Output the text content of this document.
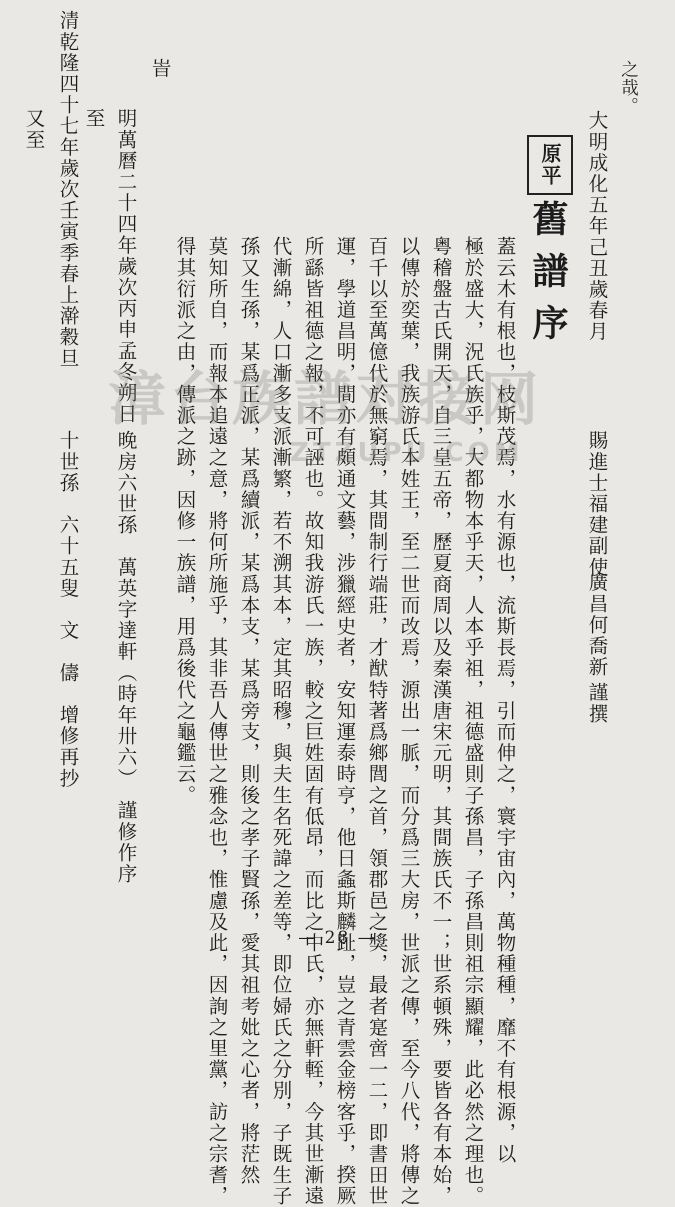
之哉。
大明成化五年己丑歲春月
原平
舊譜序
賜進士福建副使
廣昌何喬新
謹撰
蓋云木有根也，枝斯茂焉，水有源也，流斯長焉，引而伸之，寰宇宙內，萬物種種，靡不有根源，以
極於盛大，況氏族乎，大都物本乎天，人本乎祖，祖德盛則子孫昌，子孫昌則祖宗顯耀，此必然之理也。
粤稽盤古氏開天，自三皇五帝，歷夏商周以及秦漢唐宋元明，其間族氏不一；世系頓殊，要皆各有本始，
以傳於奕葉，我族游氏本姓王，至二世而改焉，源出一脈，而分爲三大房，世派之傳，至今八代，將傳之
百千以至萬億代於無窮焉，其間制行端莊，才猷特著爲鄉閭之首，領郡邑之獎，最者寔啻一二，即書田世
運，學道昌明，間亦有頗通文藝，涉獵經史者，安知運泰時亨，他日螽斯麟趾，豈之青雲金榜客乎，揆厥
所繇皆祖德之報，不可誣也。故知我游氏一族，較之巨姓固有低昂，而比之中氏，亦無軒輊，今其世漸遠
代漸綿，人口漸多支派漸繁，若不溯其本，定其昭穆，與夫生名死諱之差等，即位婦氏之分別，子既生子
孫又生孫，某爲正派，某爲續派，某爲本支，某爲旁支，則後之孝子賢孫，愛其祖考妣之心者，將茫然
莫知所自，而報本追遠之意，將何所施乎，其非吾人傳世之雅念也，惟慮及此，因詢之里黨，訪之宗耆，
得其衍派之由，傳派之跡，因修一族譜，用爲後代之龜鑑云。
峕
明萬曆二十四年歲次丙申孟冬朔日
晚房六世孫　萬英字達軒（時年卅六）　謹修作序
至
清乾隆四十七年歲次壬寅季春上澣穀旦
十世孫　六十五叟　文　儔　增修再抄
又至
漳台族譜对接网
ZTZUPU.COM
— 28 —
